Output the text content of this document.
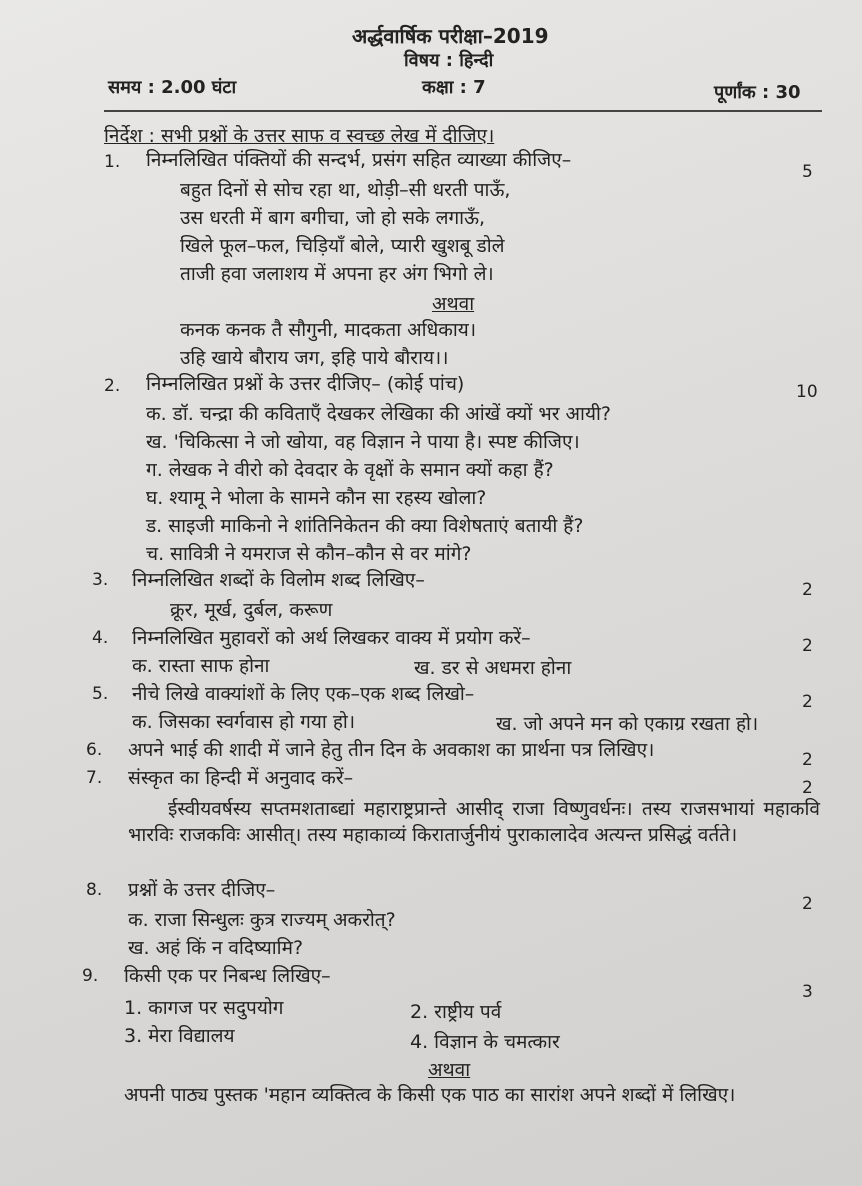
अर्द्धवार्षिक परीक्षा–2019
विषय : हिन्दी
समय : 2.00 घंटा	कक्षा : 7	पूर्णांक : 30
निर्देश : सभी प्रश्नों के उत्तर साफ व स्वच्छ लेख में दीजिए।
1. निम्नलिखित पंक्तियों की सन्दर्भ, प्रसंग सहित व्याख्या कीजिए–
5
बहुत दिनों से सोच रहा था, थोड़ी–सी धरती पाऊँ,
उस धरती में बाग बगीचा, जो हो सके लगाऊँ,
खिले फूल–फल, चिड़ियाँ बोले, प्यारी खुशबू डोले
ताजी हवा जलाशय में अपना हर अंग भिगो ले।
अथवा
कनक कनक तै सौगुनी, मादकता अधिकाय।
उहि खाये बौराय जग, इहि पाये बौराय।।
2. निम्नलिखित प्रश्नों के उत्तर दीजिए– (कोई पांच)	10
क. डॉ. चन्द्रा की कविताएँ देखकर लेखिका की आंखें क्यों भर आयी?
ख. 'चिकित्सा ने जो खोया, वह विज्ञान ने पाया है। स्पष्ट कीजिए।
ग. लेखक ने वीरो को देवदार के वृक्षों के समान क्यों कहा हैं?
घ. श्यामू ने भोला के सामने कौन सा रहस्य खोला?
ड. साइजी माकिनो ने शांतिनिकेतन की क्या विशेषताएं बतायी हैं?
च. सावित्री ने यमराज से कौन–कौन से वर मांगे?
3. निम्नलिखित शब्दों के विलोम शब्द लिखिए–	2
क्रूर, मूर्ख, दुर्बल, करूण
4. निम्नलिखित मुहावरों को अर्थ लिखकर वाक्य में प्रयोग करें–	2
क. रास्ता साफ होना	ख. डर से अधमरा होना
5. नीचे लिखे वाक्यांशों के लिए एक–एक शब्द लिखो–	2
क. जिसका स्वर्गवास हो गया हो।	ख. जो अपने मन को एकाग्र रखता हो।
6. अपने भाई की शादी में जाने हेतु तीन दिन के अवकाश का प्रार्थना पत्र लिखिए।	2
7. संस्कृत का हिन्दी में अनुवाद करें–	2
ईस्वीयवर्षस्य सप्तमशताब्द्यां महाराष्ट्रप्रान्ते आसीद् राजा विष्णुवर्धनः। तस्य राजसभायां महाकवि भारविः राजकविः आसीत्। तस्य महाकाव्यं किरातार्जुनीयं पुराकालादेव अत्यन्त प्रसिद्धं वर्तते।
8. प्रश्नों के उत्तर दीजिए–
2
क. राजा सिन्धुलः कुत्र राज्यम् अकरोत्?
ख. अहं किं न वदिष्यामि?
9. किसी एक पर निबन्ध लिखिए–
3
1. कागज पर सदुपयोग	2. राष्ट्रीय पर्व
3. मेरा विद्यालय	4. विज्ञान के चमत्कार
अथवा
अपनी पाठ्य पुस्तक 'महान व्यक्तित्व के किसी एक पाठ का सारांश अपने शब्दों में लिखिए।
